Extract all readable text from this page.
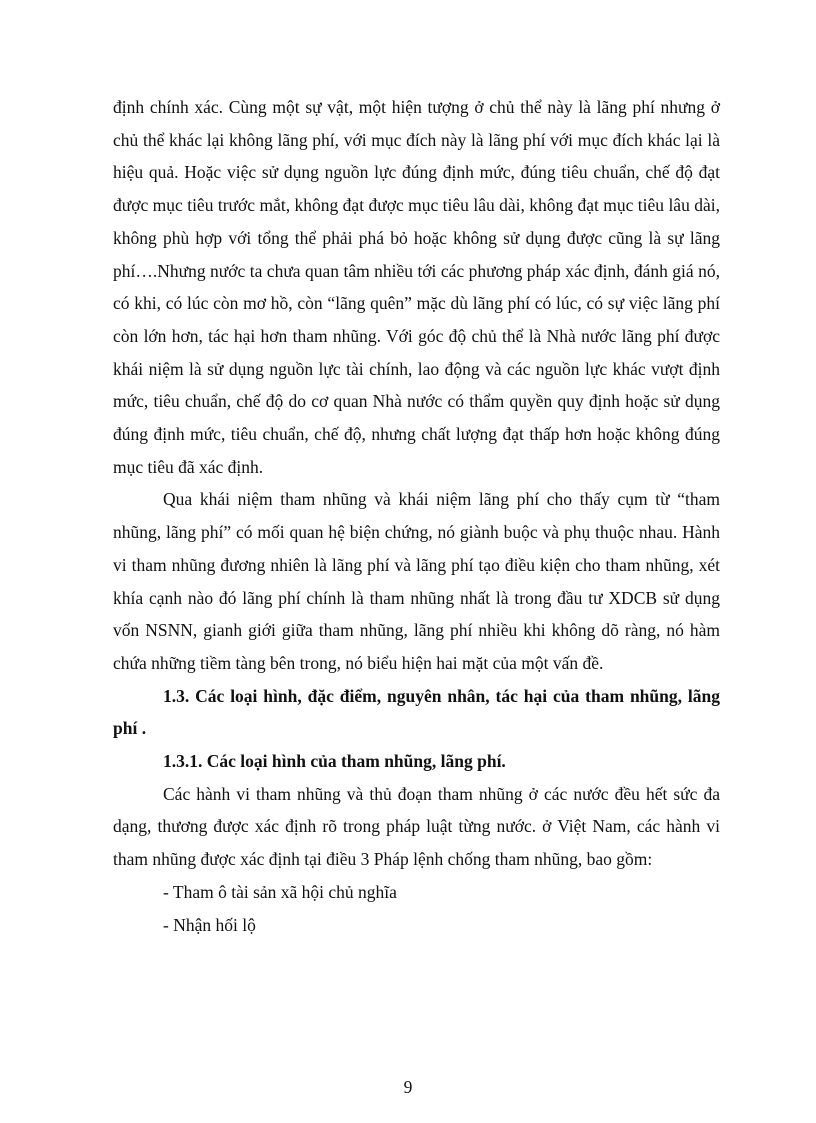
định chính xác. Cùng một sự vật, một hiện tượng ở chủ thể này là lãng phí nhưng ở chủ thể khác lại không lãng phí, với mục đích này là lãng phí với mục đích khác lại là hiệu quả. Hoặc việc sử dụng nguồn lực đúng định mức, đúng tiêu chuẩn, chế độ đạt được mục tiêu trước mắt, không đạt được mục tiêu lâu dài, không đạt mục tiêu lâu dài, không phù hợp với tổng thể phải phá bỏ hoặc không sử dụng được cũng là sự lãng phí….Nhưng nước ta chưa quan tâm nhiều tới các phương pháp xác định, đánh giá nó, có khi, có lúc còn mơ hồ, còn “lãng quên” mặc dù lãng phí có lúc, có sự việc lãng phí còn lớn hơn, tác hại hơn tham nhũng. Với góc độ chủ thể là Nhà nước lãng phí được khái niệm là sử dụng nguồn lực tài chính, lao động và các nguồn lực khác vượt định mức, tiêu chuẩn, chế độ do cơ quan Nhà nước có thẩm quyền quy định hoặc sử dụng đúng định mức, tiêu chuẩn, chế độ, nhưng chất lượng đạt thấp hơn hoặc không đúng mục tiêu đã xác định.

Qua khái niệm tham nhũng và khái niệm lãng phí cho thấy cụm từ “tham nhũng, lãng phí” có mối quan hệ biện chứng, nó giành buộc và phụ thuộc nhau. Hành vi tham nhũng đương nhiên là lãng phí và lãng phí tạo điều kiện cho tham nhũng, xét khía cạnh nào đó lãng phí chính là tham nhũng nhất là trong đầu tư XDCB sử dụng vốn NSNN, gianh giới giữa tham nhũng, lãng phí nhiều khi không dõ ràng, nó hàm chứa những tiềm tàng bên trong, nó biểu hiện hai mặt của một vấn đề.

1.3. Các loại hình, đặc điểm, nguyên nhân, tác hại của tham nhũng, lãng phí .

1.3.1. Các loại hình của tham nhũng, lãng phí.

Các hành vi tham nhũng và thủ đoạn tham nhũng ở các nước đều hết sức đa dạng, thương được xác định rõ trong pháp luật từng nước. ở Việt Nam, các hành vi tham nhũng được xác định tại điều 3 Pháp lệnh chống tham nhũng, bao gồm:

- Tham ô tài sản xã hội chủ nghĩa

- Nhận hối lộ

9
